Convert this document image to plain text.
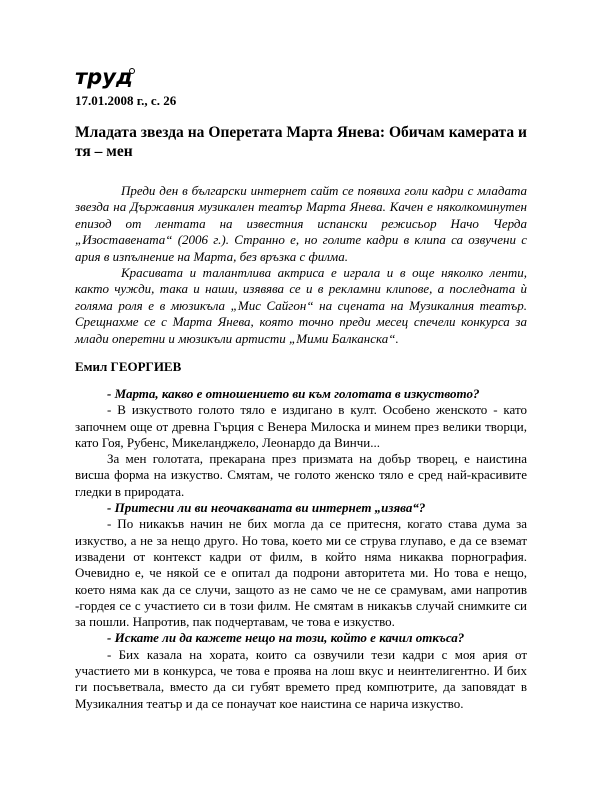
труд
17.01.2008 г., с. 26
Младата звезда на Оперетата Марта Янева: Обичам камерата и тя – мен

Преди ден в български интернет сайт се появиха голи кадри с младата звезда на Държавния музикален театър Марта Янева. Качен е няколкоминутен епизод от лентата на известния испански режисьор Начо Черда „Изоставената“ (2006 г.). Странно е, но голите кадри в клипа са озвучени с ария в изпълнение на Марта, без връзка с филма.

Красивата и талантлива актриса е играла и в още няколко ленти, както чужди, така и наши, изявява се и в рекламни клипове, а последната ѝ голяма роля е в мюзикъла „Мис Сайгон“ на сцената на Музикалния театър. Срещнахме се с Марта Янева, която точно преди месец спечели конкурса за млади оперетни и мюзикъли артисти „Мими Балканска“.

Емил ГЕОРГИЕВ

- Марта, какво е отношението ви към голотата в изкуството?

- В изкуството голото тяло е издигано в култ. Особено женското - като започнем още от древна Гърция с Венера Милоска и минем през велики творци, като Гоя, Рубенс, Микеланджело, Леонардо да Винчи...

За мен голотата, прекарана през призмата на добър творец, е наистина висша форма на изкуство. Смятам, че голото женско тяло е сред най-красивите гледки в природата.

- Притесни ли ви неочакваната ви интернет „изява“?

- По никакъв начин не бих могла да се притесня, когато става дума за изкуство, а не за нещо друго. Но това, което ми се струва глупаво, е да се вземат извадени от контекст кадри от филм, в който няма никаква порнография. Очевидно е, че някой се е опитал да подрони авторитета ми. Но това е нещо, което няма как да се случи, защото аз не само че не се срамувам, ами напротив -гордея се с участието си в този филм. Не смятам в никакъв случай снимките си за пошли. Напротив, пак подчертавам, че това е изкуство.

- Искате ли да кажете нещо на този, който е качил откъса?

- Бих казала на хората, които са озвучили тези кадри с моя ария от участието ми в конкурса, че това е проява на лош вкус и неинтелигентно. И бих ги посъветвала, вместо да си губят времето пред компютрите, да заповядат в Музикалния театър и да се понаучат кое наистина се нарича изкуство.
